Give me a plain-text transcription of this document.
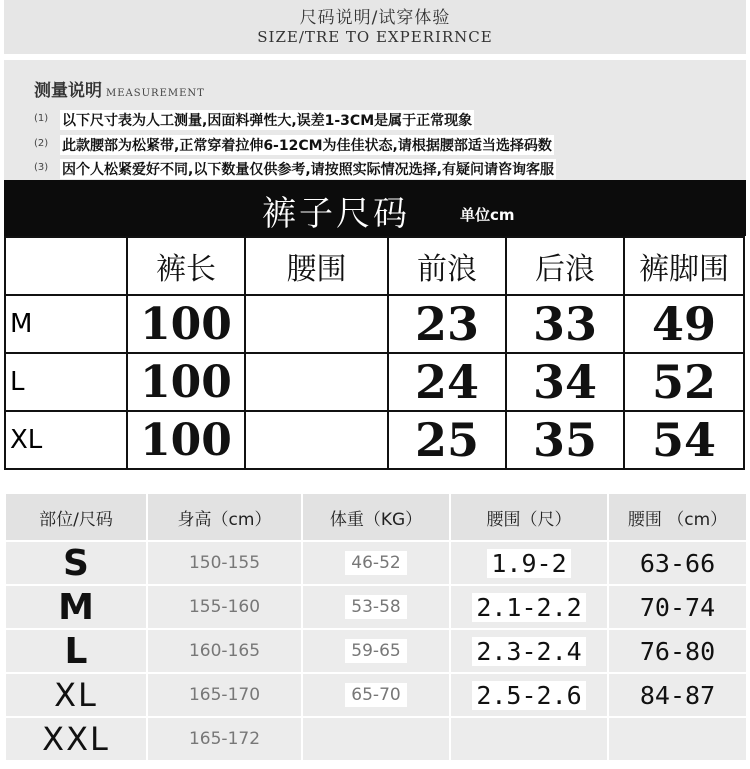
尺码说明/试穿体验
SIZE/TRE TO EXPERIRNCE
测量说明 MEASUREMENT
(1) 以下尺寸表为人工测量,因面料弹性大,误差1-3CM是属于正常现象
(2) 此款腰部为松紧带,正常穿着拉伸6-12CM为佳佳状态,请根据腰部适当选择码数
(3) 因个人松紧爱好不同,以下数量仅供参考,请按照实际情况选择,有疑问请咨询客服
裤子尺码	单位cm
	裤长	腰围	前浪	后浪	裤脚围
M	100		23	33	49
L	100		24	34	52
XL	100		25	35	54
部位/尺码	身高（cm）	体重（KG）	腰围（尺）	腰围 （cm）
S	150-155	46-52	1.9-2	63-66
M	155-160	53-58	2.1-2.2	70-74
L	160-165	59-65	2.3-2.4	76-80
XL	165-170	65-70	2.5-2.6	84-87
XXL	165-172			
